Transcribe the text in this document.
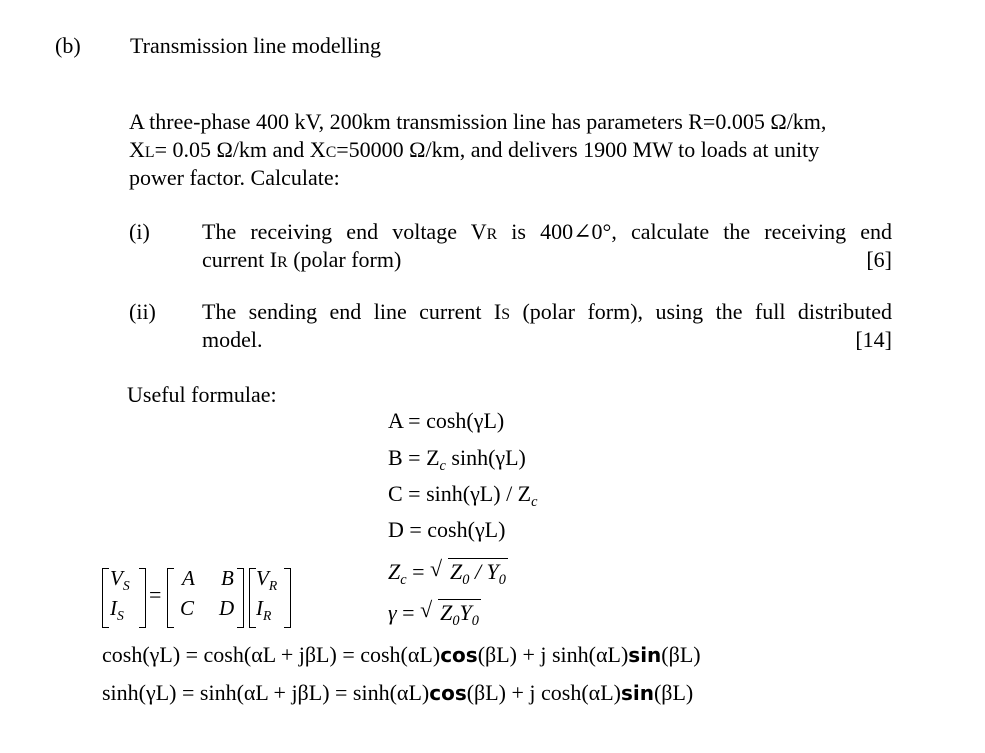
(b) Transmission line modelling
A three-phase 400 kV, 200km transmission line has parameters R=0.005 Ω/km,
XL= 0.05 Ω/km and XC=50000 Ω/km, and delivers 1900 MW to loads at unity
power factor. Calculate:
(i) The receiving end voltage VR is 400∠0°, calculate the receiving end
current IR (polar form)	[6]
(ii) The sending end line current IS (polar form), using the full distributed
model.	[14]
Useful formulae:
A = cosh(γL)
$B = Z_c$ sinh(γL)
$C = \sinh(\gamma L) / Z_c$
D = cosh(γL)
$Z_c$ = √ $Z_0 / Y_0$
γ = √ $Z_0Y_0$
$V_S$
$I_S$
=
A B
C D
$V_R$
$I_R$
cosh(γL) = cosh(αL + jβL) = cosh(αL)cos(βL) + j sinh(αL)sin(βL)
sinh(γL) = sinh(αL + jβL) = sinh(αL)cos(βL) + j cosh(αL)sin(βL)
